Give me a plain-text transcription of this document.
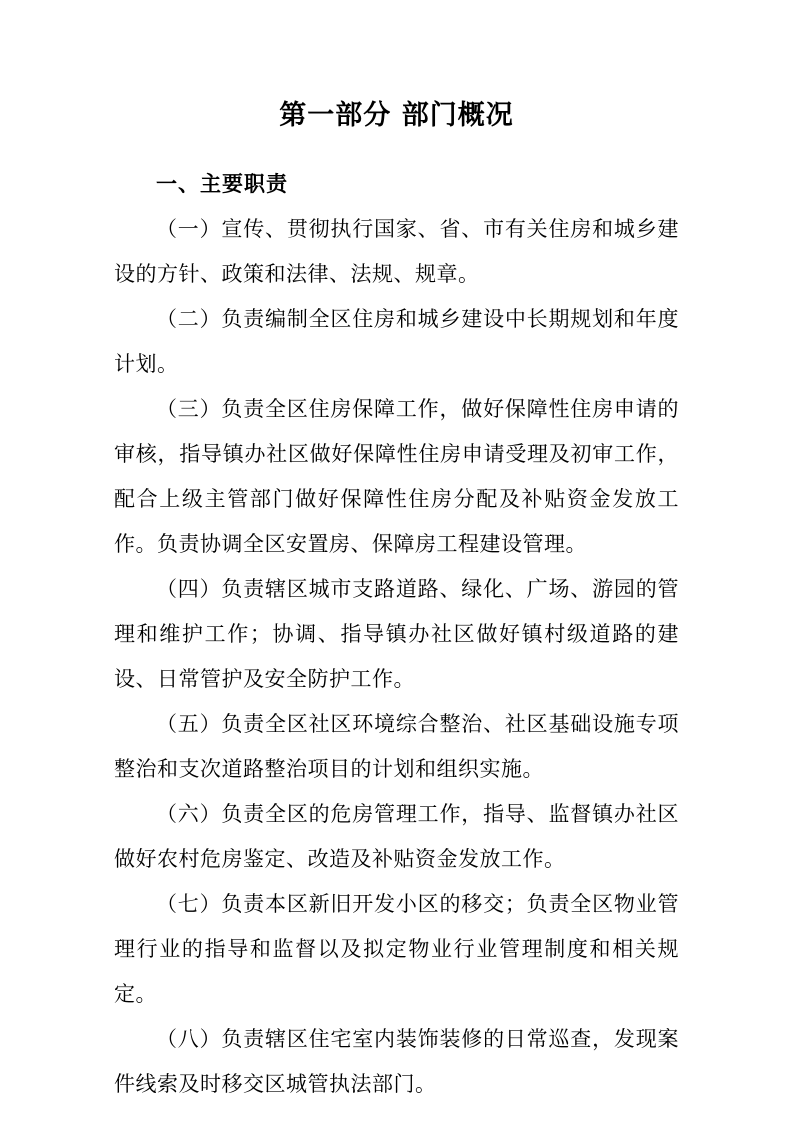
第一部分 部门概况
一、主要职责

（一）宣传、贯彻执行国家、省、市有关住房和城乡建设的方针、政策和法律、法规、规章。

（二）负责编制全区住房和城乡建设中长期规划和年度计划。

（三）负责全区住房保障工作，做好保障性住房申请的审核，指导镇办社区做好保障性住房申请受理及初审工作，配合上级主管部门做好保障性住房分配及补贴资金发放工作。负责协调全区安置房、保障房工程建设管理。

（四）负责辖区城市支路道路、绿化、广场、游园的管理和维护工作；协调、指导镇办社区做好镇村级道路的建设、日常管护及安全防护工作。

（五）负责全区社区环境综合整治、社区基础设施专项整治和支次道路整治项目的计划和组织实施。

（六）负责全区的危房管理工作，指导、监督镇办社区做好农村危房鉴定、改造及补贴资金发放工作。

（七）负责本区新旧开发小区的移交；负责全区物业管理行业的指导和监督以及拟定物业行业管理制度和相关规定。

（八）负责辖区住宅室内装饰装修的日常巡查，发现案件线索及时移交区城管执法部门。
